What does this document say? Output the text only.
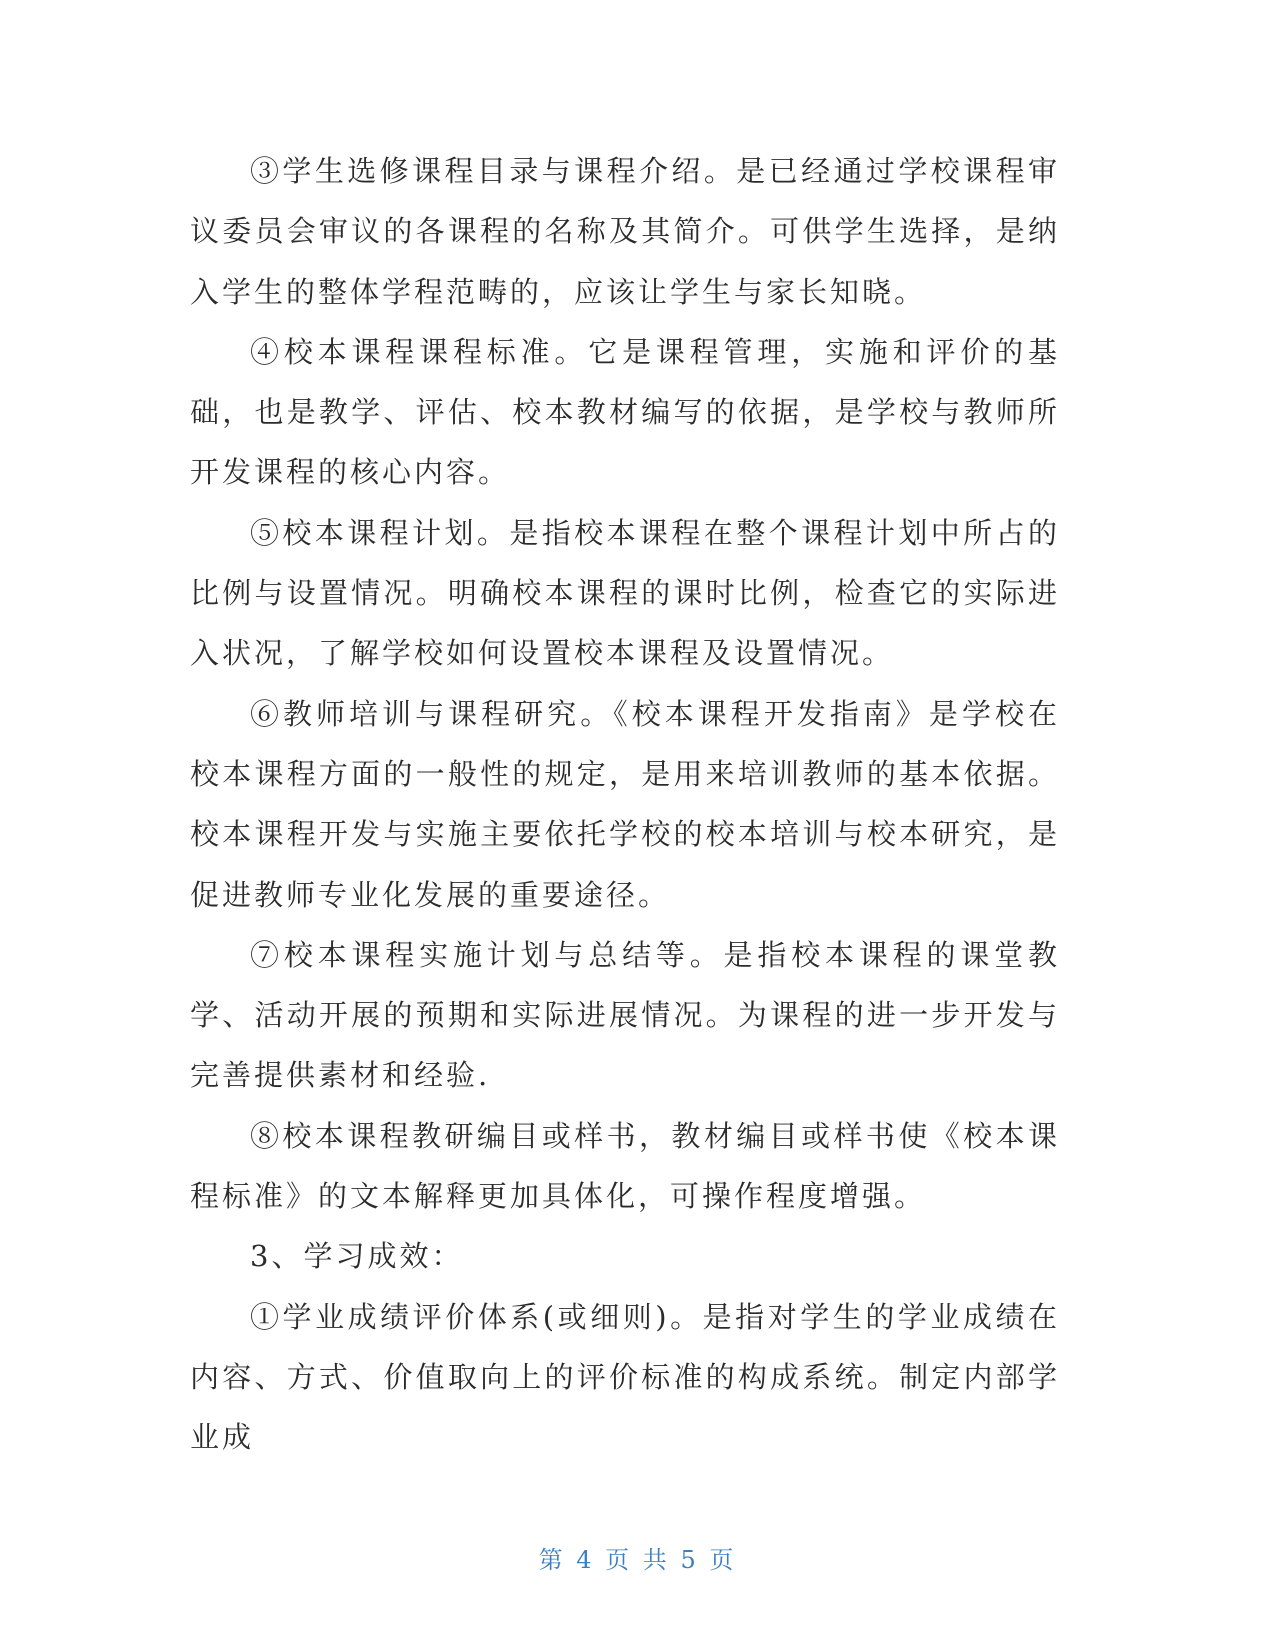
③学生选修课程目录与课程介绍。是已经通过学校课程审议委员会审议的各课程的名称及其简介。可供学生选择，是纳入学生的整体学程范畴的，应该让学生与家长知晓。

④校本课程课程标准。它是课程管理，实施和评价的基础，也是教学、评估、校本教材编写的依据，是学校与教师所开发课程的核心内容。

⑤校本课程计划。是指校本课程在整个课程计划中所占的比例与设置情况。明确校本课程的课时比例，检查它的实际进入状况，了解学校如何设置校本课程及设置情况。

⑥教师培训与课程研究。《校本课程开发指南》是学校在校本课程方面的一般性的规定，是用来培训教师的基本依据。校本课程开发与实施主要依托学校的校本培训与校本研究，是促进教师专业化发展的重要途径。

⑦校本课程实施计划与总结等。是指校本课程的课堂教学、活动开展的预期和实际进展情况。为课程的进一步开发与完善提供素材和经验.

⑧校本课程教研编目或样书，教材编目或样书使《校本课程标准》的文本解释更加具体化，可操作程度增强。

3、学习成效：

①学业成绩评价体系(或细则)。是指对学生的学业成绩在内容、方式、价值取向上的评价标准的构成系统。制定内部学业成

第 4 页 共 5 页
